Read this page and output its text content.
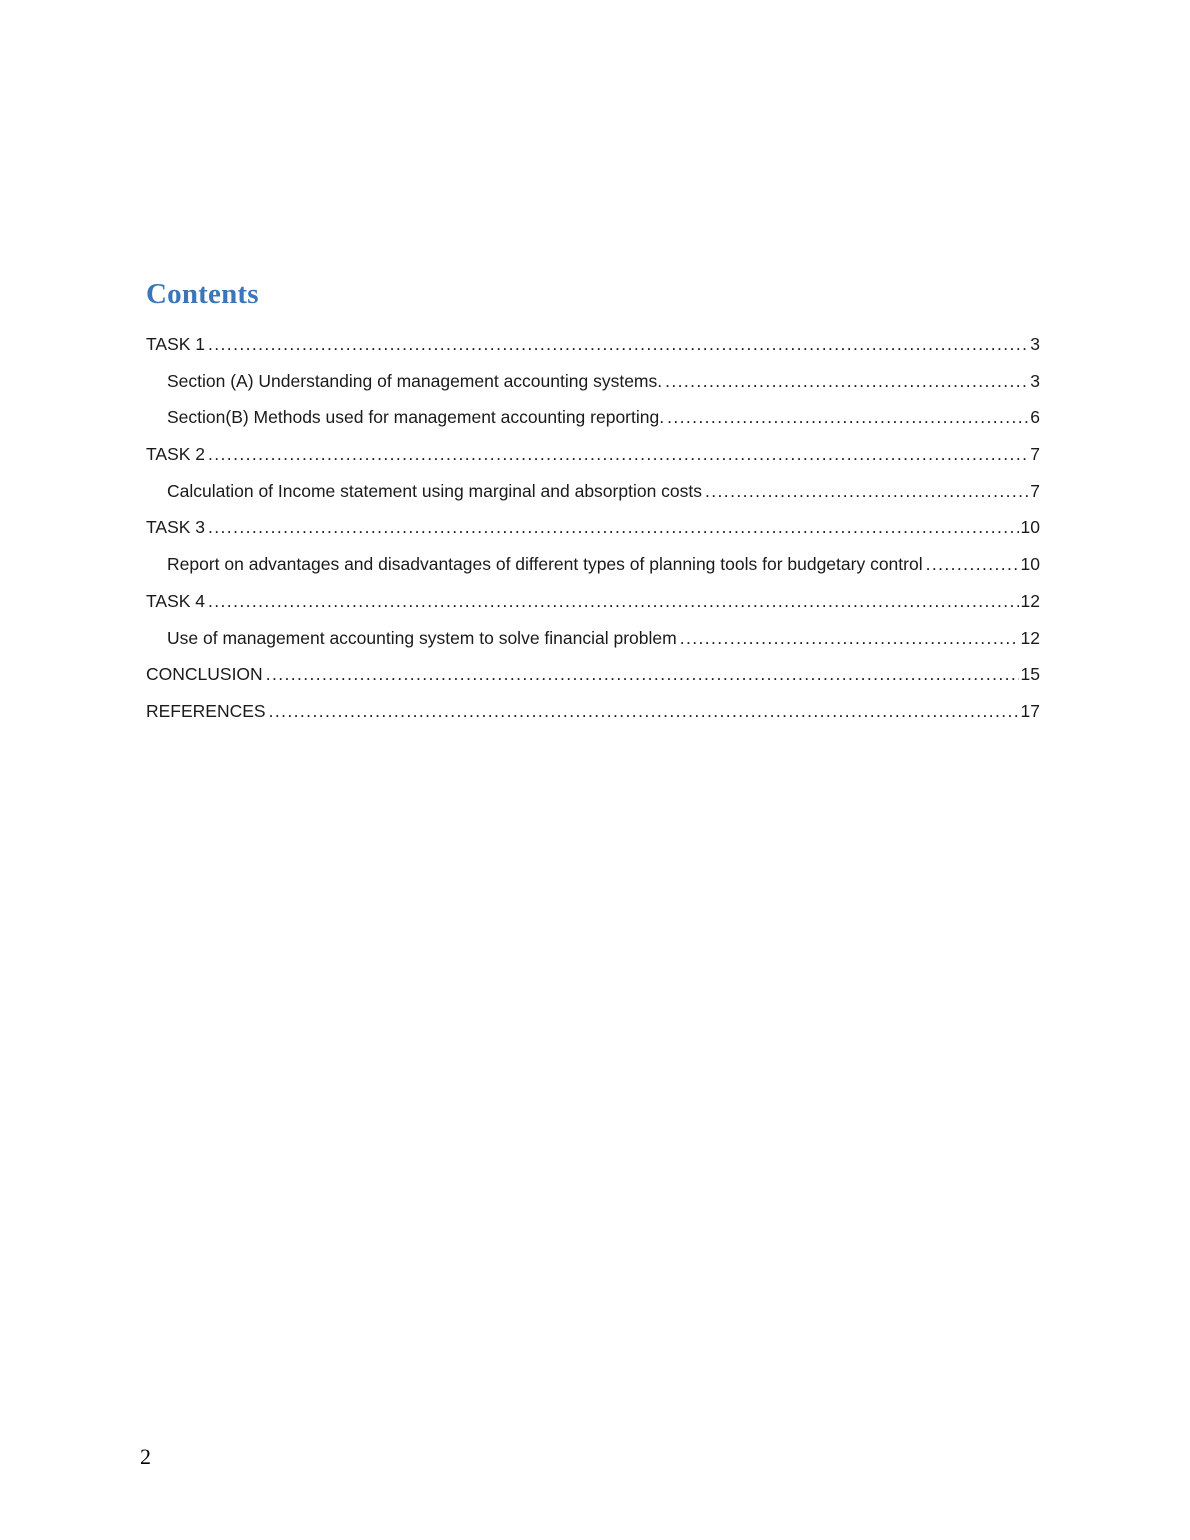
Contents
TASK 1 .....	3
Section (A) Understanding of management accounting systems. .....	3
Section(B) Methods used for management accounting reporting. .....	6
TASK 2 .....	7
Calculation of Income statement using marginal and absorption costs .....	7
TASK 3 .....	10
Report on advantages and disadvantages of different types of planning tools for budgetary control .....	10
TASK 4 .....	12
Use of management accounting system to solve financial problem .....	12
CONCLUSION .....	15
REFERENCES .....	17
2
